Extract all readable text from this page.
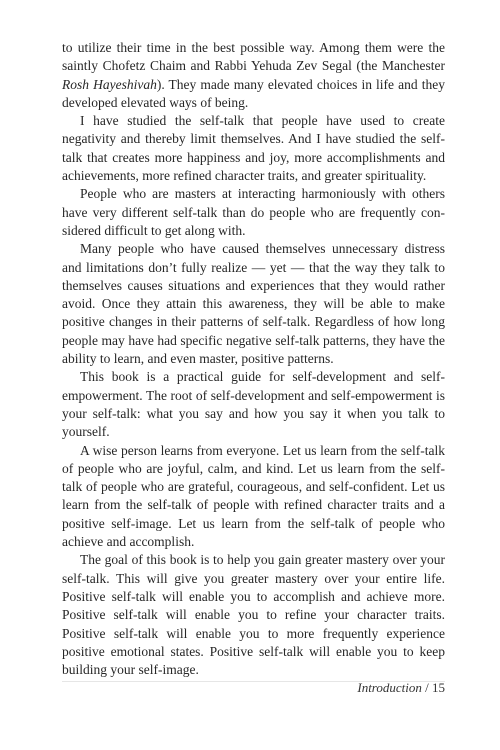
to utilize their time in the best possible way. Among them were the saintly Chofetz Chaim and Rabbi Yehuda Zev Segal (the Manchester Rosh Hayeshivah). They made many elevated choices in life and they developed elevated ways of being.

I have studied the self-talk that people have used to create negativity and thereby limit themselves. And I have studied the self-talk that creates more happiness and joy, more accomplishments and achievements, more refined character traits, and greater spirituality.

People who are masters at interacting harmoniously with others have very different self-talk than do people who are frequently considered difficult to get along with.

Many people who have caused themselves unnecessary distress and limitations don’t fully realize — yet — that the way they talk to themselves causes situations and experiences that they would rather avoid. Once they attain this awareness, they will be able to make positive changes in their patterns of self-talk. Regardless of how long people may have had specific negative self-talk patterns, they have the ability to learn, and even master, positive patterns.

This book is a practical guide for self-development and self-empowerment. The root of self-development and self-empowerment is your self-talk: what you say and how you say it when you talk to yourself.

A wise person learns from everyone. Let us learn from the self-talk of people who are joyful, calm, and kind. Let us learn from the self-talk of people who are grateful, courageous, and self-confident. Let us learn from the self-talk of people with refined character traits and a positive self-image. Let us learn from the self-talk of people who achieve and accomplish.

The goal of this book is to help you gain greater mastery over your self-talk. This will give you greater mastery over your entire life. Positive self-talk will enable you to accomplish and achieve more. Positive self-talk will enable you to refine your character traits. Positive self-talk will enable you to more frequently experience positive emotional states. Positive self-talk will enable you to keep building your self-image.

Introduction / 15
